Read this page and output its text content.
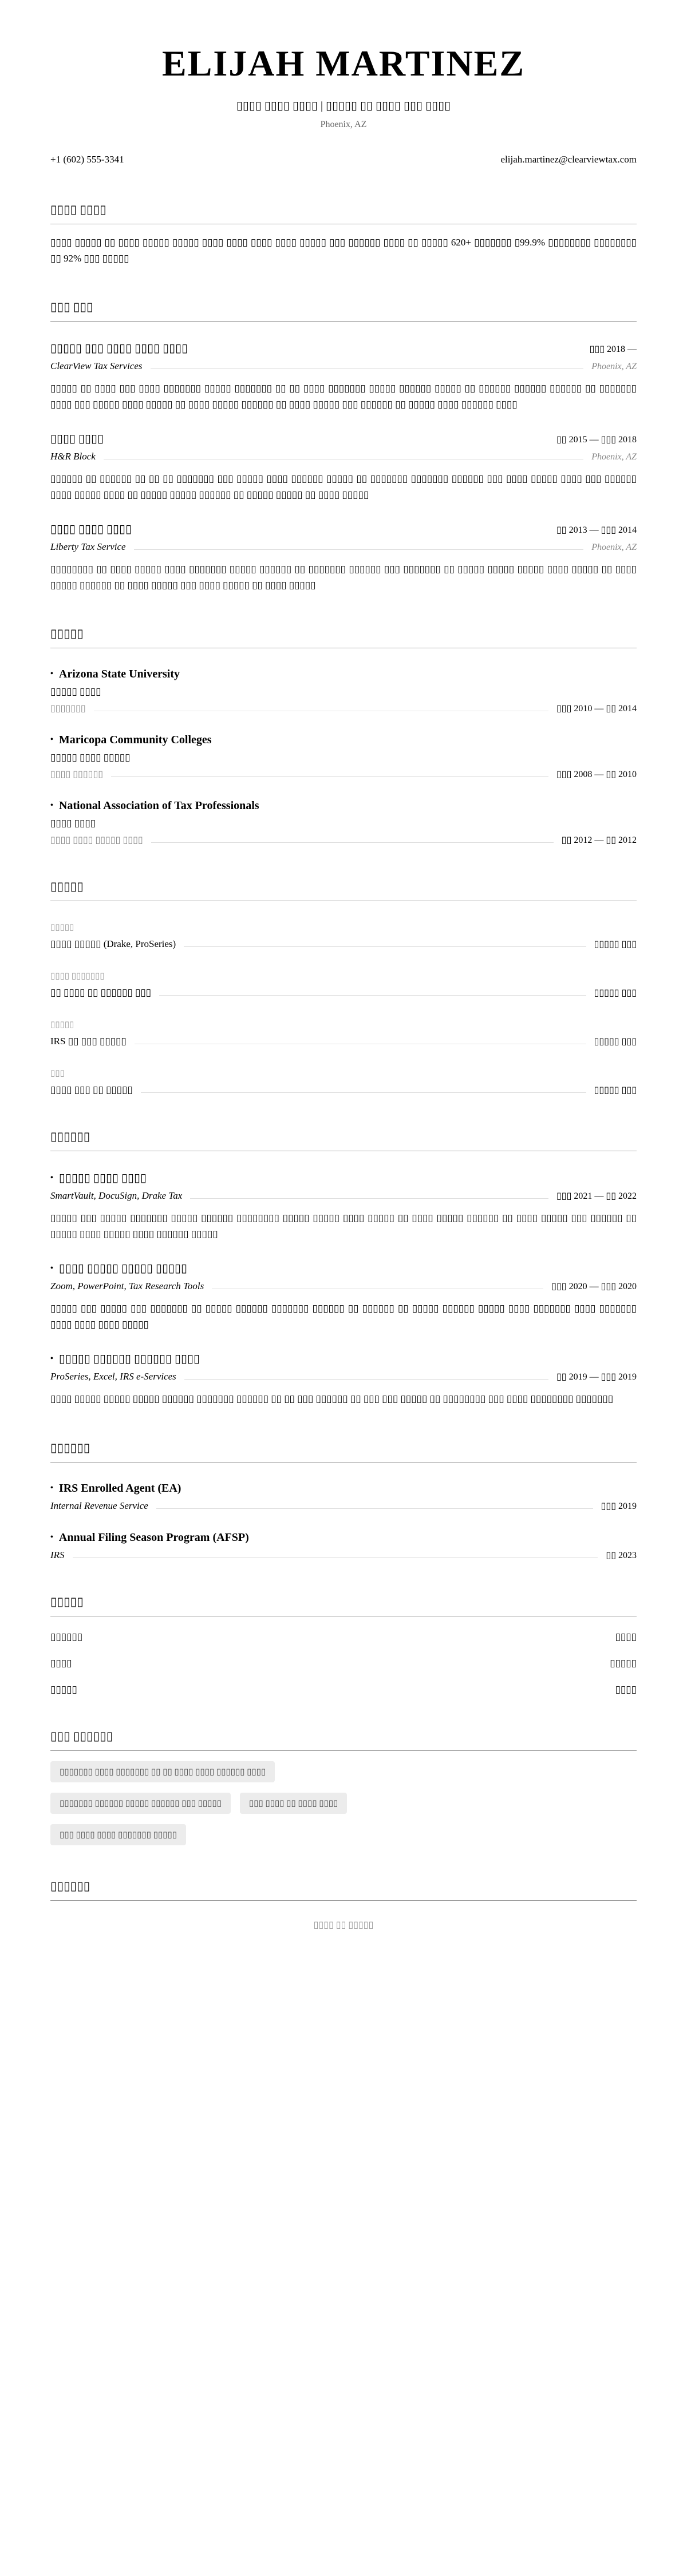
ELIJAH MARTINEZ
▯▯▯▯ ▯▯▯▯ ▯▯▯▯ | ▯▯▯▯▯ ▯▯ ▯▯▯▯ ▯▯▯ ▯▯▯▯
Phoenix, AZ
+1 (602) 555-3341	elijah.martinez@clearviewtax.com
▯▯▯▯ ▯▯▯▯

▯▯▯▯ ▯▯▯▯▯ ▯▯ ▯▯▯▯ ▯▯▯▯▯ ▯▯▯▯▯ ▯▯▯▯ ▯▯▯▯ ▯▯▯▯ ▯▯▯▯ ▯▯▯▯▯ ▯▯▯ ▯▯▯▯▯▯ ▯▯▯▯ ▯▯ ▯▯▯▯▯ 620+ ▯▯▯▯▯▯▯ ▯99.9% ▯▯▯▯▯▯▯▯ ▯▯▯▯▯▯▯▯ ▯▯ 92% ▯▯▯ ▯▯▯▯▯

▯▯▯ ▯▯▯
▯▯▯▯▯ ▯▯▯ ▯▯▯▯ ▯▯▯▯ ▯▯▯▯	▯▯▯ 2018 —
ClearView Tax Services	Phoenix, AZ

▯▯▯▯▯ ▯▯ ▯▯▯▯ ▯▯▯ ▯▯▯▯ ▯▯▯▯▯▯▯ ▯▯▯▯▯ ▯▯▯▯▯▯▯ ▯▯ ▯▯ ▯▯▯▯ ▯▯▯▯▯▯▯ ▯▯▯▯▯ ▯▯▯▯▯▯ ▯▯▯▯▯ ▯▯ ▯▯▯▯▯▯ ▯▯▯▯▯▯ ▯▯▯▯▯▯ ▯▯ ▯▯▯▯▯▯▯ ▯▯▯▯ ▯▯▯ ▯▯▯▯▯ ▯▯▯▯ ▯▯▯▯▯ ▯▯ ▯▯▯▯ ▯▯▯▯▯ ▯▯▯▯▯▯ ▯▯ ▯▯▯▯ ▯▯▯▯▯ ▯▯▯ ▯▯▯▯▯▯ ▯▯ ▯▯▯▯▯ ▯▯▯▯ ▯▯▯▯▯▯ ▯▯▯▯

▯▯▯▯ ▯▯▯▯	▯▯ 2015 — ▯▯▯ 2018
H&R Block	Phoenix, AZ

▯▯▯▯▯▯ ▯▯ ▯▯▯▯▯▯ ▯▯ ▯▯ ▯▯ ▯▯▯▯▯▯▯ ▯▯▯ ▯▯▯▯▯ ▯▯▯▯ ▯▯▯▯▯▯ ▯▯▯▯▯ ▯▯ ▯▯▯▯▯▯▯ ▯▯▯▯▯▯▯ ▯▯▯▯▯▯ ▯▯▯ ▯▯▯▯ ▯▯▯▯▯ ▯▯▯▯ ▯▯▯ ▯▯▯▯▯▯ ▯▯▯▯ ▯▯▯▯▯ ▯▯▯▯ ▯▯ ▯▯▯▯▯ ▯▯▯▯▯ ▯▯▯▯▯▯ ▯▯ ▯▯▯▯▯ ▯▯▯▯▯ ▯▯ ▯▯▯▯ ▯▯▯▯▯

▯▯▯▯ ▯▯▯▯ ▯▯▯▯	▯▯ 2013 — ▯▯▯ 2014
Liberty Tax Service	Phoenix, AZ

▯▯▯▯▯▯▯▯ ▯▯ ▯▯▯▯ ▯▯▯▯▯ ▯▯▯▯ ▯▯▯▯▯▯▯ ▯▯▯▯▯ ▯▯▯▯▯▯ ▯▯ ▯▯▯▯▯▯▯ ▯▯▯▯▯▯ ▯▯▯ ▯▯▯▯▯▯▯ ▯▯ ▯▯▯▯▯ ▯▯▯▯▯ ▯▯▯▯▯ ▯▯▯▯ ▯▯▯▯▯ ▯▯ ▯▯▯▯ ▯▯▯▯▯ ▯▯▯▯▯▯ ▯▯ ▯▯▯▯ ▯▯▯▯▯ ▯▯▯ ▯▯▯▯ ▯▯▯▯▯ ▯▯ ▯▯▯▯ ▯▯▯▯▯

▯▯▯▯▯
• Arizona State University
▯▯▯▯▯ ▯▯▯▯
▯▯▯▯▯▯▯	▯▯▯ 2010 — ▯▯ 2014
• Maricopa Community Colleges
▯▯▯▯▯ ▯▯▯▯ ▯▯▯▯▯
▯▯▯▯ ▯▯▯▯▯▯	▯▯▯ 2008 — ▯▯ 2010
• National Association of Tax Professionals
▯▯▯▯ ▯▯▯▯
▯▯▯▯ ▯▯▯▯ ▯▯▯▯▯ ▯▯▯▯	▯▯ 2012 — ▯▯ 2012
▯▯▯▯▯
▯▯▯▯▯
▯▯▯▯ ▯▯▯▯▯ (Drake, ProSeries)	▯▯▯▯▯ ▯▯▯
▯▯▯▯ ▯▯▯▯▯▯▯
▯▯ ▯▯▯▯ ▯▯ ▯▯▯▯▯▯ ▯▯▯	▯▯▯▯▯ ▯▯▯
▯▯▯▯▯
IRS ▯▯ ▯▯▯ ▯▯▯▯▯	▯▯▯▯▯ ▯▯▯
▯▯▯
▯▯▯▯ ▯▯▯ ▯▯ ▯▯▯▯▯	▯▯▯▯▯ ▯▯▯
▯▯▯▯▯▯
• ▯▯▯▯▯ ▯▯▯▯ ▯▯▯▯
SmartVault, DocuSign, Drake Tax	▯▯▯ 2021 — ▯▯ 2022

▯▯▯▯▯ ▯▯▯ ▯▯▯▯▯ ▯▯▯▯▯▯▯ ▯▯▯▯▯ ▯▯▯▯▯▯ ▯▯▯▯▯▯▯▯ ▯▯▯▯▯ ▯▯▯▯▯ ▯▯▯▯ ▯▯▯▯▯ ▯▯ ▯▯▯▯ ▯▯▯▯▯ ▯▯▯▯▯▯ ▯▯ ▯▯▯▯ ▯▯▯▯▯ ▯▯▯ ▯▯▯▯▯▯ ▯▯ ▯▯▯▯▯ ▯▯▯▯ ▯▯▯▯▯ ▯▯▯▯ ▯▯▯▯▯▯ ▯▯▯▯▯

• ▯▯▯▯ ▯▯▯▯▯ ▯▯▯▯▯ ▯▯▯▯▯
Zoom, PowerPoint, Tax Research Tools	▯▯▯ 2020 — ▯▯▯ 2020

▯▯▯▯▯ ▯▯▯ ▯▯▯▯▯ ▯▯▯ ▯▯▯▯▯▯▯ ▯▯ ▯▯▯▯▯ ▯▯▯▯▯▯ ▯▯▯▯▯▯▯ ▯▯▯▯▯▯ ▯▯ ▯▯▯▯▯▯ ▯▯ ▯▯▯▯▯ ▯▯▯▯▯▯ ▯▯▯▯▯ ▯▯▯▯ ▯▯▯▯▯▯▯ ▯▯▯▯ ▯▯▯▯▯▯▯ ▯▯▯▯ ▯▯▯▯ ▯▯▯▯ ▯▯▯▯▯

• ▯▯▯▯▯ ▯▯▯▯▯▯ ▯▯▯▯▯▯ ▯▯▯▯
ProSeries, Excel, IRS e-Services	▯▯ 2019 — ▯▯▯ 2019

▯▯▯▯ ▯▯▯▯▯ ▯▯▯▯▯ ▯▯▯▯▯ ▯▯▯▯▯▯ ▯▯▯▯▯▯▯ ▯▯▯▯▯▯ ▯▯ ▯▯ ▯▯▯ ▯▯▯▯▯▯ ▯▯ ▯▯▯ ▯▯▯ ▯▯▯▯▯ ▯▯ ▯▯▯▯▯▯▯▯ ▯▯▯ ▯▯▯▯ ▯▯▯▯▯▯▯▯ ▯▯▯▯▯▯▯

▯▯▯▯▯▯
• IRS Enrolled Agent (EA)
Internal Revenue Service	▯▯▯ 2019
• Annual Filing Season Program (AFSP)
IRS	▯▯ 2023
▯▯▯▯▯
▯▯▯▯▯▯	▯▯▯▯
▯▯▯▯	▯▯▯▯▯
▯▯▯▯▯	▯▯▯▯
▯▯▯ ▯▯▯▯▯▯
▯▯▯▯▯▯▯ ▯▯▯▯ ▯▯▯▯▯▯▯ ▯▯ ▯▯ ▯▯▯▯ ▯▯▯▯ ▯▯▯▯▯▯ ▯▯▯▯
▯▯▯▯▯▯▯ ▯▯▯▯▯▯ ▯▯▯▯▯ ▯▯▯▯▯▯ ▯▯▯ ▯▯▯▯▯	▯▯▯ ▯▯▯▯ ▯▯ ▯▯▯▯ ▯▯▯▯
▯▯▯ ▯▯▯▯ ▯▯▯▯ ▯▯▯▯▯▯▯ ▯▯▯▯▯
▯▯▯▯▯▯
▯▯▯▯ ▯▯ ▯▯▯▯▯
